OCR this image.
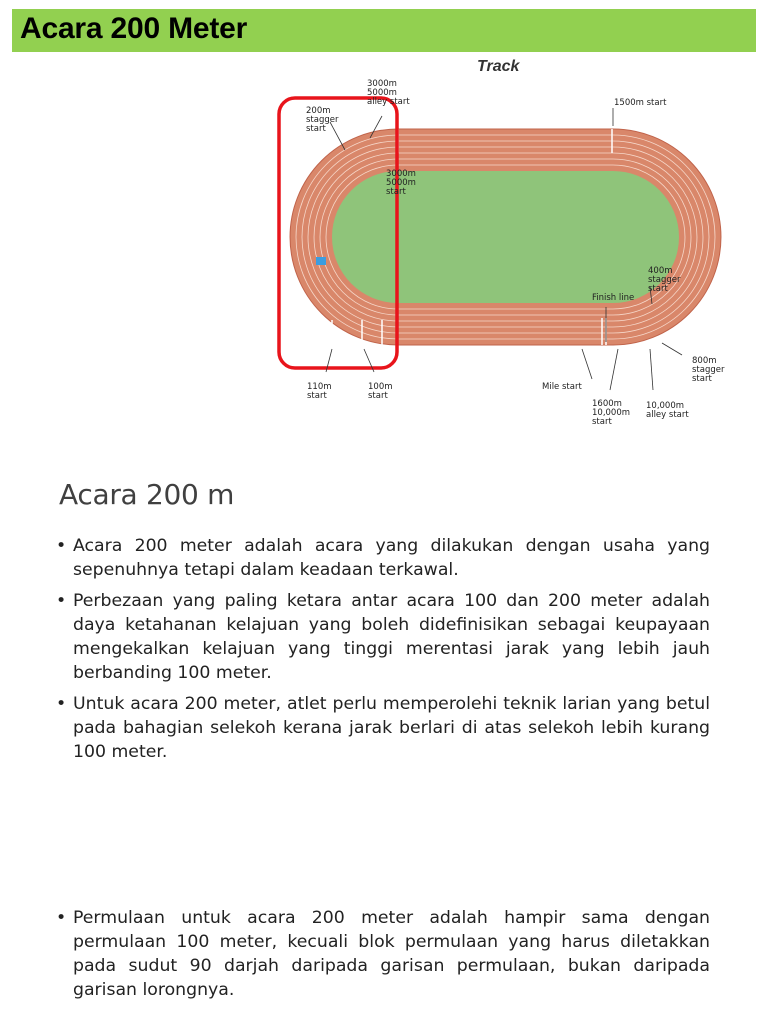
Acara 200 Meter
Track
200m
stagger
start
3000m
5000m
alley start
3000m
5000m
start
1500m start
400m
stagger
start
Finish line
800m
stagger
start
110m
start
100m
start
Mile start
1600m
10,000m
start
10,000m
alley start
Acara 200 m

• Acara 200 meter adalah acara yang dilakukan dengan usaha yang sepenuhnya tetapi dalam keadaan terkawal.

• Perbezaan yang paling ketara antar acara 100 dan 200 meter adalah daya ketahanan kelajuan yang boleh didefinisikan sebagai keupayaan mengekalkan kelajuan yang tinggi merentasi jarak yang lebih jauh berbanding 100 meter.

• Untuk acara 200 meter, atlet perlu memperolehi teknik larian yang betul pada bahagian selekoh kerana jarak berlari di atas selekoh lebih kurang 100 meter.

• Permulaan untuk acara 200 meter adalah hampir sama dengan permulaan 100 meter, kecuali blok permulaan yang harus diletakkan pada sudut 90 darjah daripada garisan permulaan, bukan daripada garisan lorongnya.
